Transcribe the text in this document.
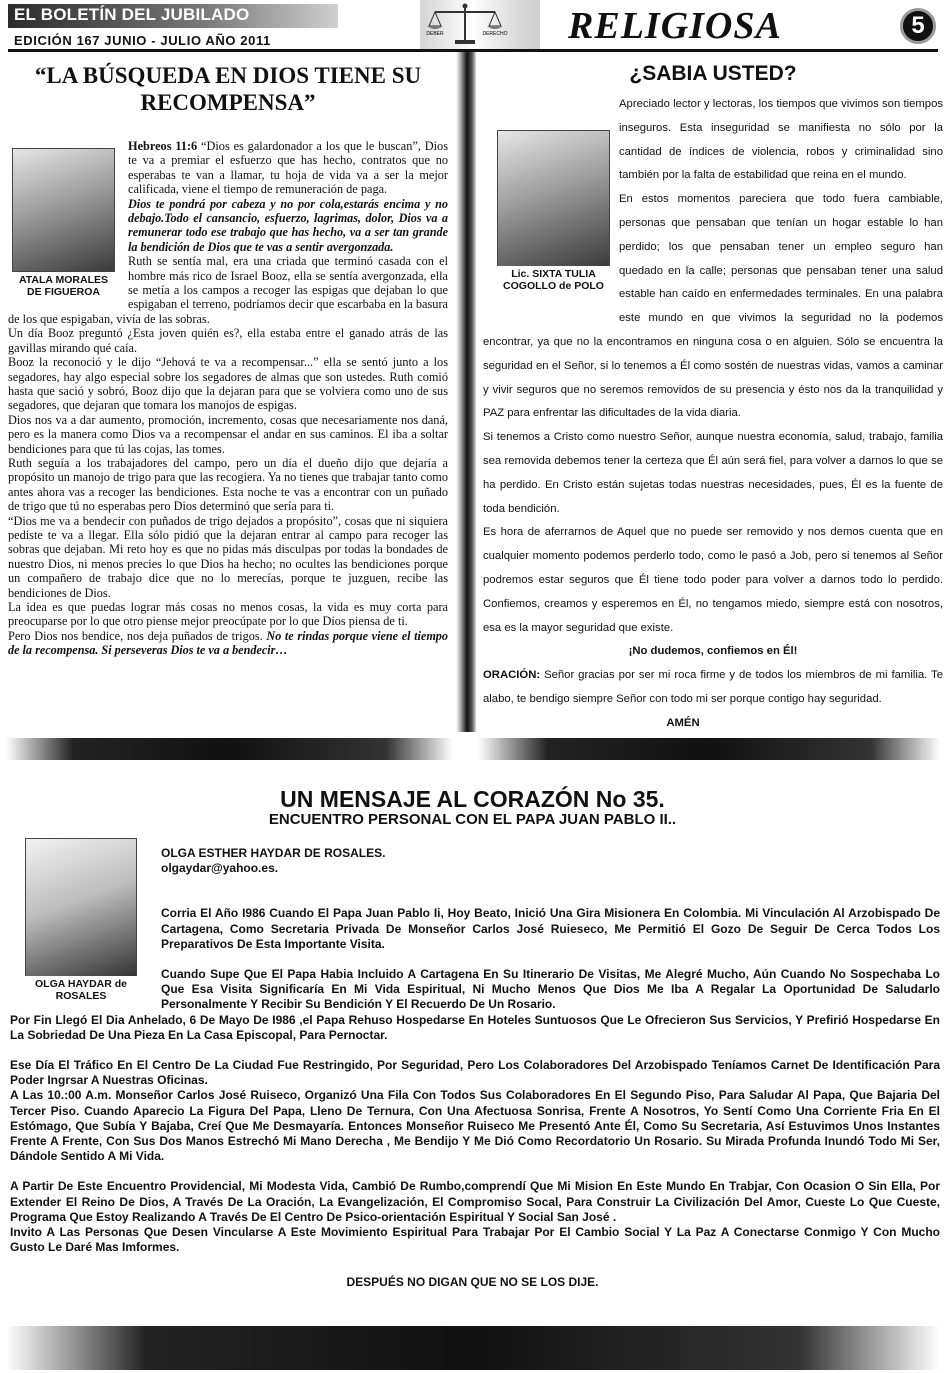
EL BOLETÍN DEL JUBILADO
EDICIÓN 167 JUNIO - JULIO AÑO 2011	DEBER	DERECHO RELIGIOSA	5
“LA BÚSQUEDA EN DIOS TIENE SU RECOMPENSA”

Hebreos 11:6 “Dios es galardonador a los que le buscan”, Dios te va a premiar el esfuerzo que has hecho, contratos que no esperabas te van a llamar, tu hoja de vida va a ser la mejor calificada, viene el tiempo de remuneración de paga.

Dios te pondrá por cabeza y no por cola,estarás encima y no debajo.Todo el cansancio, esfuerzo, lagrimas, dolor, Dios va a remunerar todo ese trabajo que has hecho, va a ser tan grande la bendición de Dios que te vas a sentir avergonzada.

Ruth se sentía mal, era una criada que terminó casada con el hombre más rico de Israel Booz, ella se sentía avergonzada, ella se metía a los campos a recoger las espigas que dejaban lo que espigaban el terreno, podríamos decir que escarbaba en la basura de los que espigaban, vivía de las sobras.

Un día Booz preguntó ¿Esta joven quién es?, ella estaba entre el ganado atrás de las gavillas mirando qué caía.

Booz la reconoció y le dijo “Jehová te va a recompensar...” ella se sentó junto a los segadores, hay algo especial sobre los segadores de almas que son ustedes. Ruth comió hasta que sació y sobró, Booz dijo que la dejaran para que se volviera como uno de sus segadores, que dejaran que tomara los manojos de espigas.

Dios nos va a dar aumento, promoción, incremento, cosas que necesariamente nos daná, pero es la manera como Dios va a recompensar el andar en sus caminos. El iba a soltar bendiciones para que tú las cojas, las tomes.

Ruth seguía a los trabajadores del campo, pero un día el dueño dijo que dejaría a propósito un manojo de trigo para que las recogiera. Ya no tienes que trabajar tanto como antes ahora vas a recoger las bendiciones. Esta noche te vas a encontrar con un puñado de trigo que tú no esperabas pero Dios determinó que sería para ti.

“Dios me va a bendecir con puñados de trigo dejados a propósito”, cosas que ni siquiera pediste te va a llegar. Ella sólo pidió que la dejaran entrar al campo para recoger las sobras que dejaban. Mi reto hoy es que no pidas más disculpas por todas la bondades de nuestro Dios, ni menos precies lo que Dios ha hecho; no ocultes las bendiciones porque un compañero de trabajo dice que no lo merecías, porque te juzguen, recibe las bendiciones de Dios.

La idea es que puedas lograr más cosas no menos cosas, la vida es muy corta para preocuparse por lo que otro piense mejor preocúpate por lo que Dios piensa de ti.

Pero Dios nos bendice, nos deja puñados de trigos. No te rindas porque viene el tiempo de la recompensa. Si perseveras Dios te va a bendecir…

ATALA MORALES DE FIGUEROA
¿SABIA USTED?

Apreciado lector y lectoras, los tiempos que vivimos son tiempos inseguros. Esta inseguridad se manifiesta no sólo por la cantidad de índices de violencia, robos y criminalidad sino también por la falta de estabilidad que reina en el mundo.

En estos momentos pareciera que todo fuera cambiable, personas que pensaban que tenían un hogar estable lo han perdido; los que pensaban tener un empleo seguro han quedado en la calle; personas que pensaban tener una salud estable han caído en enfermedades terminales. En una palabra este mundo en que vivimos la seguridad no la podemos encontrar, ya que no la encontramos en ninguna cosa o en alguien. Sólo se encuentra la seguridad en el Señor, si lo tenemos a Él como sostén de nuestras vidas, vamos a caminar y vivir seguros que no seremos removidos de su presencia y ésto nos da la tranquilidad y PAZ para enfrentar las dificultades de la vida diaria.

Si tenemos a Cristo como nuestro Señor, aunque nuestra economía, salud, trabajo, familia sea removida debemos tener la certeza que Él aún será fiel, para volver a darnos lo que se ha perdido. En Cristo están sujetas todas nuestras necesidades, pues, Él es la fuente de toda bendición.

Es hora de aferrarnos de Aquel que no puede ser removido y nos demos cuenta que en cualquier momento podemos perderlo todo, como le pasó a Job, pero si tenemos al Señor podremos estar seguros que Él tiene todo poder para volver a darnos todo lo perdido. Confiemos, creamos y esperemos en Él, no tengamos miedo, siempre está con nosotros, esa es la mayor seguridad que existe.

¡No dudemos, confiemos en Él!

ORACIÓN: Señor gracias por ser mi roca firme y de todos los miembros de mi familia. Te alabo, te bendigo siempre Señor con todo mi ser porque contigo hay seguridad.

AMÉN

Lic. SIXTA TULIA COGOLLO de POLO
UN MENSAJE AL CORAZÓN No 35.
ENCUENTRO PERSONAL CON EL PAPA JUAN PABLO II..

OLGA ESTHER HAYDAR DE ROSALES.

olgaydar@yahoo.es.

Corria El Año I986 Cuando El Papa Juan Pablo Ii, Hoy Beato, Inició Una Gira Misionera En Colombia. Mi Vinculación Al Arzobispado De Cartagena, Como Secretaria Privada De Monseñor Carlos José Ruieseco, Me Permitió El Gozo De Seguir De Cerca Todos Los Preparativos De Esta Importante Visita.

Cuando Supe Que El Papa Habia Incluido A Cartagena En Su Itinerario De Visitas, Me Alegré Mucho, Aún Cuando No Sospechaba Lo Que Esa Visita Significaría En Mi Vida Espiritual, Ni Mucho Menos Que Dios Me Iba A Regalar La Oportunidad De Saludarlo Personalmente Y Recibir Su Bendición Y El Recuerdo De Un Rosario.

Por Fin Llegó El Dia Anhelado, 6 De Mayo De I986 ,el Papa Rehuso Hospedarse En Hoteles Suntuosos Que Le Ofrecieron Sus Servicios, Y Prefirió Hospedarse En La Sobriedad De Una Pieza En La Casa Episcopal, Para Pernoctar.

Ese Día El Tráfico En El Centro De La Ciudad Fue Restringido, Por Seguridad, Pero Los Colaboradores Del Arzobispado Teníamos Carnet De Identificación Para Poder Ingrsar A Nuestras Oficinas.

A Las 10.:00 A.m. Monseñor Carlos José Ruiseco, Organizó Una Fila Con Todos Sus Colaboradores En El Segundo Piso, Para Saludar Al Papa, Que Bajaria Del Tercer Piso. Cuando Aparecio La Figura Del Papa, Lleno De Ternura, Con Una Afectuosa Sonrisa, Frente A Nosotros, Yo Sentí Como Una Corriente Fria En El Estómago, Que Subía Y Bajaba, Creí Que Me Desmayaría. Entonces Monseñor Ruiseco Me Presentó Ante Él, Como Su Secretaria, Así Estuvimos Unos Instantes Frente A Frente, Con Sus Dos Manos Estrechó Mi Mano Derecha , Me Bendijo Y Me Dió Como Recordatorio Un Rosario. Su Mirada Profunda Inundó Todo Mi Ser, Dándole Sentido A Mi Vida.

A Partir De Este Encuentro Providencial, Mi Modesta Vida, Cambió De Rumbo,comprendí Que Mi Mision En Este Mundo En Trabjar, Con Ocasion O Sin Ella, Por Extender El Reino De Dios, A Través De La Oración, La Evangelización, El Compromiso Socal, Para Construir La Civilización Del Amor, Cueste Lo Que Cueste, Programa Que Estoy Realizando A Través De El Centro De Psico-orientación Espiritual Y Social San José .

Invito A Las Personas Que Desen Vincularse A Este Movimiento Espiritual Para Trabajar Por El Cambio Social Y La Paz A Conectarse Conmigo Y Con Mucho Gusto Le Daré Mas Imformes.

OLGA HAYDAR de ROSALES
DESPUÉS NO DIGAN QUE NO SE LOS DIJE.
